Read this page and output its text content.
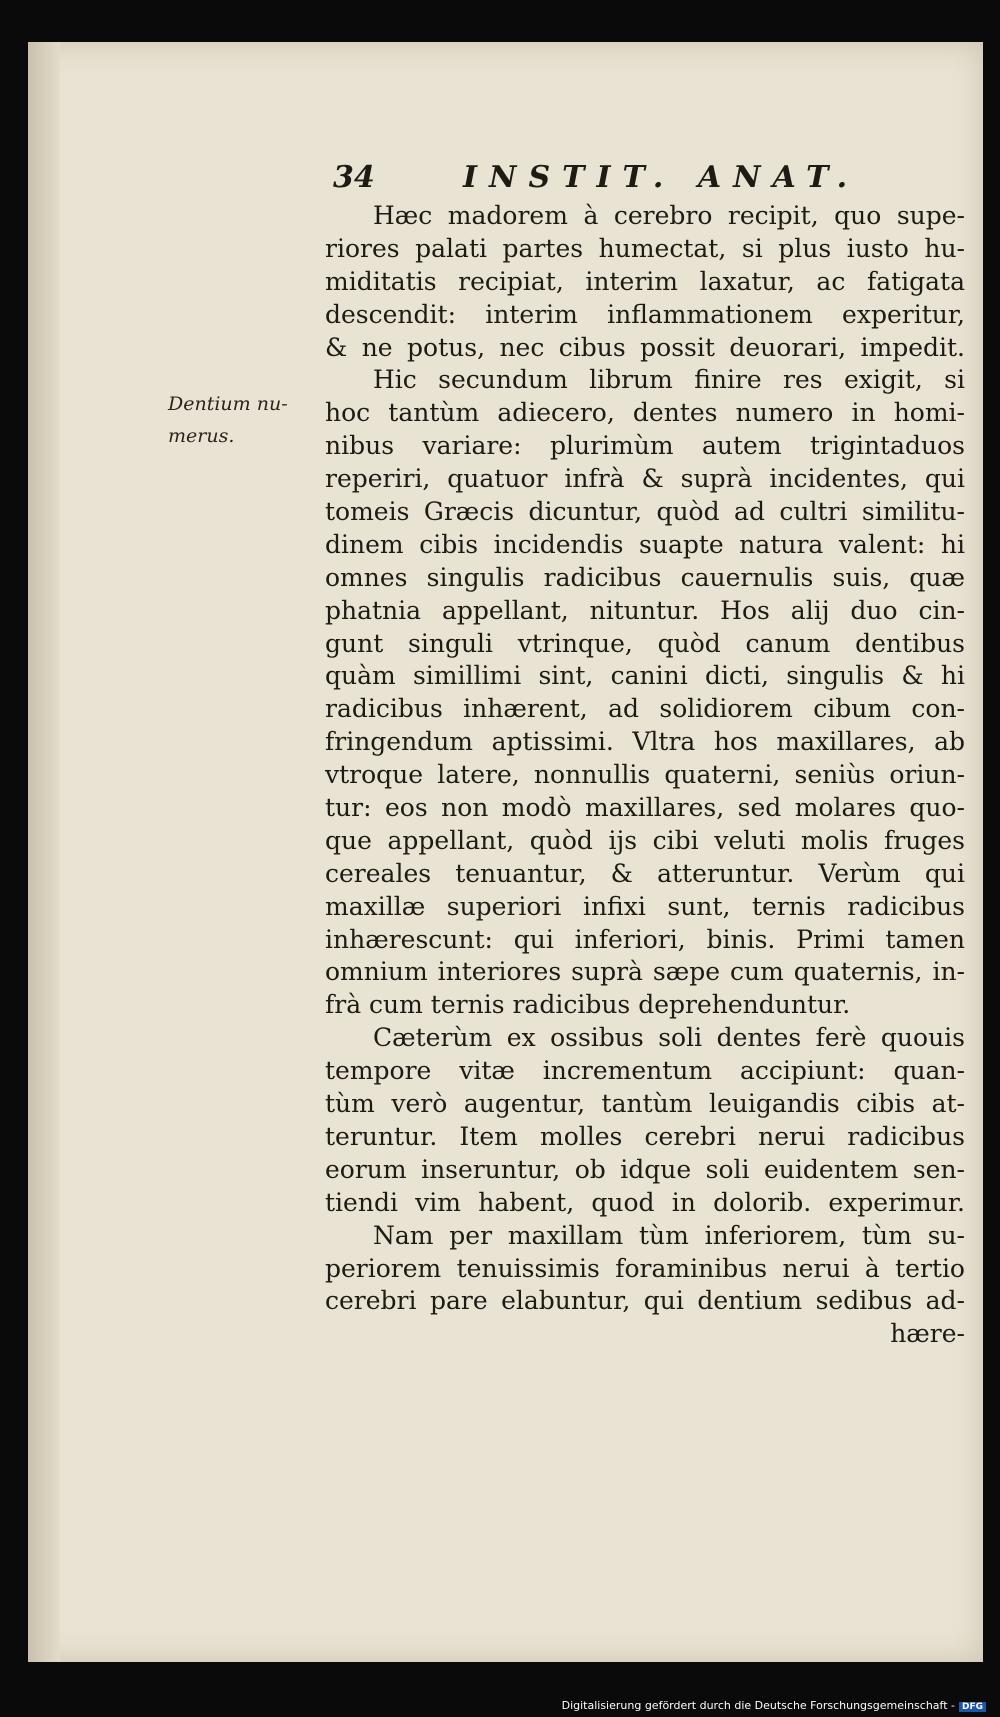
34	INSTIT. ANAT.
Dentium nu-
merus.
Hæc madorem à cerebro recipit, quo supe-
riores palati partes humectat, si plus iusto hu-
miditatis recipiat, interim laxatur, ac fatigata
descendit: interim inflammationem experitur,
& ne potus, nec cibus possit deuorari, impedit.
Hic secundum librum finire res exigit, si
hoc tantùm adiecero, dentes numero in homi-
nibus variare: plurimùm autem trigintaduos
reperiri, quatuor infrà & suprà incidentes, qui
tomeis Græcis dicuntur, quòd ad cultri similitu-
dinem cibis incidendis suapte natura valent: hi
omnes singulis radicibus cauernulis suis, quæ
phatnia appellant, nituntur. Hos alij duo cin-
gunt singuli vtrinque, quòd canum dentibus
quàm simillimi sint, canini dicti, singulis & hi
radicibus inhærent, ad solidiorem cibum con-
fringendum aptissimi. Vltra hos maxillares, ab
vtroque latere, nonnullis quaterni, seniùs oriun-
tur: eos non modò maxillares, sed molares quo-
que appellant, quòd ijs cibi veluti molis fruges
cereales tenuantur, & atteruntur. Verùm qui
maxillæ superiori infixi sunt, ternis radicibus
inhærescunt: qui inferiori, binis. Primi tamen
omnium interiores suprà sæpe cum quaternis, in-
frà cum ternis radicibus deprehenduntur.
Cæterùm ex ossibus soli dentes ferè quouis
tempore vitæ incrementum accipiunt: quan-
tùm verò augentur, tantùm leuigandis cibis at-
teruntur. Item molles cerebri nerui radicibus
eorum inseruntur, ob idque soli euidentem sen-
tiendi vim habent, quod in dolorib. experimur.
Nam per maxillam tùm inferiorem, tùm su-
periorem tenuissimis foraminibus nerui à tertio
cerebri pare elabuntur, qui dentium sedibus ad-
hære-
Digitalisierung gefördert durch die Deutsche Forschungsgemeinschaft - DFG
